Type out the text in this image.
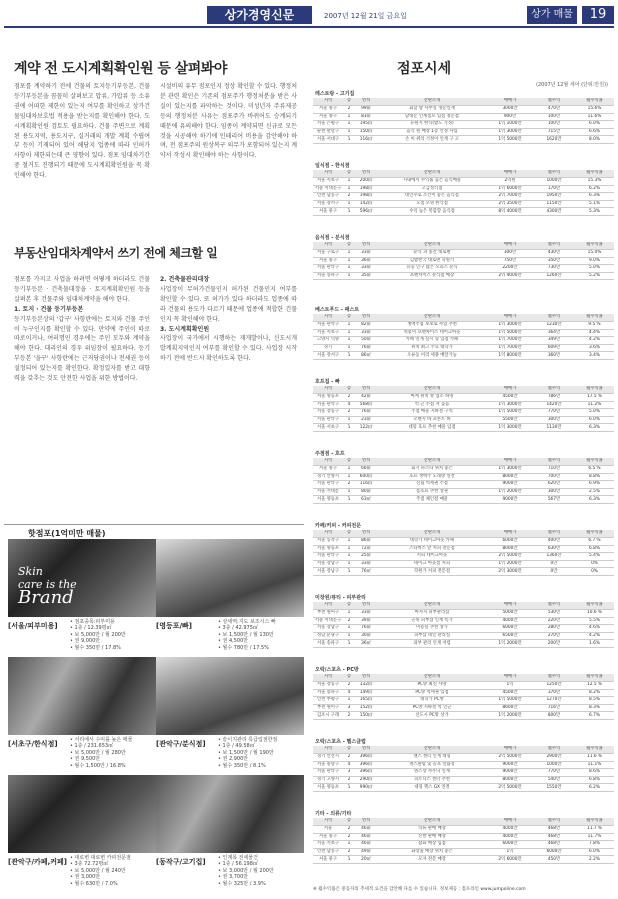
상가경영신문	2007년 12월 21일 금요일	상가 매물	19
계약 전 도시계획확인원 등 살펴봐야
점포를 계약하기 전에 건물의 토지등기부등본, 건물등기부등본을 꼼꼼히 살펴보고 압류, 가압류 등 소유권에 어떠한 제한이 있는지 여부를 확인하고 상가건물임대차보호법 적용을 받는지를 확인해야 한다. 도시계획확인원 검토도 필요하다. 건물 주변으로 계획된 용도지역, 용도지구, 실거래의 개발 계획 수립여부 등이 기재되어 있어 해당지 업종에 따라 인허가 사항이 제한되는데 큰 영향이 있다. 점포 임대차기간 중 철거도 진행되기 때문에 도시계획확인원을 꼭 확인해야 한다.
시설비의 유무 점포인지 정상 확인할 수 있다. 행정처분 관련 확인은 기존의 점포주가 행정처분을 받은 사실이 있는지를 파악하는 것이다. 미성년자 주류제공 등의 행정처분 사유는 점포주가 바뀌어도 승계되기 때문에 유의해야 한다. 임종이 계약되면 신규로 모든 것을 시공해야 하기에 인테리어 비용을 감안해야 하며, 전 점포주의 원상복구 의무가 포함되어 있는지 계약서 작성시 확인해야 하는 사항이다.
부동산임대차계약서 쓰기 전에 체크할 일

점포를 가지고 사업을 하려면 어떻게 하더라도 건물등기부등본 · 건축물대장을 · 토지계획확인원 등을 살펴본 후 건물주와 임대차계약을 해야 한다.

1. 토지 · 건물 등기부등본

등기부등본상의 '갑구' 사항란에는 토지와 건물 주인이 누구인지를 확인할 수 있다. 만약에 주인이 따로따로이거나, 여러명인 경우에는 주인 모두와 계약을 해야 한다. 대리인의 경우 위임장이 필요하다. 등기부등본 '을구' 사항란에는 근저당권이나 전세권 등이 설정되어 있는지를 확인한다. 확정일자를 받고 대항력을 갖추는 것도 안전한 사업을 위한 방법이다.

2. 건축물관리대장

사업장이 무허가건물인지 허가된 건물인지 여부를 확인할 수 있다. 또 허가가 있다 하더라도 업종에 따라 건물의 용도가 다르기 때문에 업종에 적합한 건물인지 꼭 확인해야 한다.

3. 도시계획확인원

사업장이 국가에서 시행하는 재개발이나, 신도시개발계획지역인지 여부를 확인할 수 있다. 사업장 시작하기 전에 반드시 확인하도록 한다.

핫점포(1억미만 매물)
Skin
care is the
Brand
[서울/피부미용]	• 점포종목:피부미용
• 1층 / 12.39평㎡
• 보 5,000만 / 월 200만
• 권 9,000만
• 월수 350만 / 17.8%
[영등포/빠]	• 상세역:지도 보조시스 빠
• 3층 / 42.975㎡
• 보 1,500만 / 월 130만
• 권 4,500만
• 월수 780만 / 17.5%
[서초구/한식점]	• 서리에서 수익률 높은 매물
• 1층 / 231.653㎡
• 보 5,000만 / 월 280만
• 권 9,500만
• 월수 1,500만 / 16.8%
[관악구/분식점]	• 슬이지관리 특급입점한점
• 1층 / 49.58㎡
• 보 1,500만 / 월 190만
• 권 2,900만
• 월수 350만 / 8.1%
[관악구/카페,커페] • 대로변 대로변 카피전문점
• 3층 72.72평㎡
• 보 5,000만 / 월 240만
• 권 3,000만
• 월수 630만 / 7.0%
[동작구/고기집]	• 인계목 전세물건
• 1층 / 56.198㎡
• 보 3,000만 / 월 200만
• 권 3,700만
• 월수 325만 / 3.9%
점포시세
(2007년 12월 세어 (단위:만원))
레스토랑 - 고기집
지역	층	면적	간판소개	매매가	월수익	월수익률
서울 중구	2	99㎡	회할 탕 사무실 정문인계	3000만	470만	15.6%
서울 종구	1	83㎡	남대문 인계점포 입점 정문점	900만	100만	11.6%
서울 은평구	1	195㎡	유원지 한식(밥도 가정)	1억 1000만	100만	6.0%
순천 팔달구	1	150㎡	음식 원 매장 1층 인정 사업	1억 3000만	715만	6.6%
서울 서대구	1	116㎡	손 미 위의 기정이 인계 구 고	1억 5000만	1620만	8.0%
일식점 - 한식점
지역	층	면적	간판소개	매매가	월수익	월수익률
서울 서초구	1	200㎡	시내에서 수익률 높은 음식매물	2억원	1000만	15.3%
서울 서대문구	1	198㎡	고급정식점	1억 6000만	170만	6.2%
인천 남동구	2	198㎡	대인수로 조건이 좋은 음식점	2억 7000만	1950만	6.3%
서울 강서구	1	142㎡	노점 모명 한식점	2억 3500만	1150만	5.1%
서울 중구	1	596㎡	수익 높은 복합할 음식점	8억 4000만	4300만	5.3%
음식점 - 분식점
지역	층	면적	간판소개	매매가	월수익	월수익률
서울 구로구	1	33㎡	분식 과 중간 대로변	300만	430만	15.0%
서울 중구	1	36㎡	김밥천국 대로변 학원가	750만	350만	9.0%
서울 관악구	1	33㎡	유동 인구 많은 오피스 분식	2200만	730만	5.0%
서울 송파구	1	35㎡	프렌차이즈 분식점 매장	2억 4000만	1260만	5.2%
베스트푸드 - 패스트
지역	층	면적	간판소개	매매가	월수익	월수익률
서울 관악구	1	82㎡	생맥주집 보보로 사업 추천	1억 3000만	1230만	9.5 %
서울 서초구	1	33㎡	떡볶이 프렌차이즈 테이크아웃	1억 5000만	364만	4.4%
고양시 덕양	1	50㎡	카페 연계 실시 형 입점 카페	1억 7000만	349만	4.2%
경기	1	76㎡	위치 최고 주요 대학가	1억 7000만	609만	3.6%
서울 강서구	1	86㎡	오류동 미리 세종 배달가능	1억 8000만	360만	3.4%
호프집 - 빠
지역	층	면적	간판소개	매매가	월수익	월수익률
서울 영등포	2	42㎡	마케 위치 양 업소 하영	4500만	786만	17.5 %
서울 관악구	4	568㎡	역 근 주점 자 높음	1억 3000만	1420만	11.2%
서울 강동구	2	76㎡	주점 매물 지하철 구역	1억 5000만	770만	5.0%
서울 관악구	1	23㎡	오렌지 바 프론트 바	5500만	300만	6.0%
서울 서초구	1	122㎡	대형 호프 추천 매물 입점	1억 3000만	1130만	6.3%
주점점 - 호프
지역	층	면적	간판소개	매매가	월수익	월수익률
서울 중구	1	66㎡	회기 파스타 위치 좋은	1억 3000만	710만	6.5 %
경기 안양시	1	600㎡	호프 생맥주 노래방 연결	8000만	700만	8.8%
서울 관악구	2	116㎡	신림 역세권 주점	9000만	620만	6.9%
서울 서대문	1	80㎡	룸호프 추천 상권	1억 2000만	300만	2.5%
서울 영등포	1	63㎡	주점 체인점 매물	9000만	567만	6.3%
카페/커피 - 커피전문
지역	층	면적	간판소개	매매가	월수익	월수익률
서울 동작구	1	86㎡	대학가 테이크아웃 카페	6000만	400만	6.7 %
서울 영등포	1	72㎡	스타벅스 앞 커피 전문점	8000만	630만	6.8%
서울 관악구	1	25㎡	커피 테이크아웃	2억 5000만	1360만	5.4%
서울 강남구	1	33㎡	테이크 아웃점 커피	1억 2000만	0만	0%
서울 강남구	1	76㎡	학원가 커피 전문점	2억 3000만	0만	0%
미장원/뷰티 - 피부관리
지역	층	면적	간판소개	매매가	월수익	월수익률
부천 원미구	1	33㎡	마사지 피부관리샵	5000만	530만	10.6 %
서울 서대문구	2	39㎡	골목 피부샵 인계 특가	4000만	220만	5.5%
서울 강남구	1	76㎡	미용실 추천 상가	6000만	280만	4.6%
성남 분당구	1	30㎡	피부샵 네일 관리실	6500만	270만	4.2%
서울 송파구	1	36㎡	피부 관리 인계 저렴	1억 2000만	200만	1.6%
오락/스포츠 - PC방
지역	층	면적	간판소개	매매가	월수익	월수익률
서울 강동구	2	132㎡	PC방 최신 사양	1억	1250만	12.5 %
서울 송파구	4	149㎡	PC방 역세권 입점	4500만	370만	8.2%
인천 부평구	1	165㎡	대학가 PC방	1억 5000만	1270만	8.5%
부천 원미구	3	152㎡	PC방 지하철 역 인근	8600만	716만	8.3%
김포시 구래	2	150㎡	신도시 PC방 상가	1억 2000만	800만	6.7%
오락/스포츠 - 헬스클럽
지역	층	면적	간판소개	매매가	월수익	월수익률
경기 안산시	2	396㎡	헬스 센터 인계 대형	2억 5000만	2900만	11.6 %
서울 중랑구	4	396㎡	헬스클럽 및 골프 연습장	9000만	1000만	11.1%
서울 관악구	3	396㎡	헬스장 사우나 연계	9000만	770만	8.6%
경기 고양시	2	290㎡	피트니스 센터 추천	8000만	540만	6.8%
서울 영등포	1	990㎡	대형 헬스 GX 연결	2억 5000만	1550만	6.2%
기타 - 의류/기타
지역	층	면적	간판소개	매매가	월수익	월수익률
서울	2	46㎡	의류 판매 매장	4000만	468만	11.7 %
서울 중구	2	46㎡	신발 판매 매장	4000만	468만	11.7%
서울 서초구	1	46㎡	잡화 매장 입점	6000만	468만	7.8%
인천 남동구	2	49㎡	화장품 매장 위치 좋은	1억	6000만	6.0%
서울 중구	1	20㎡	모자 전문 매장	2억 6000만	450만	2.2%
※ 월수익률은 중동자의 추세적 요건을 감안해 다를 수 있습니다. 정보제공 : 점포라인 www.jumpoline.com
